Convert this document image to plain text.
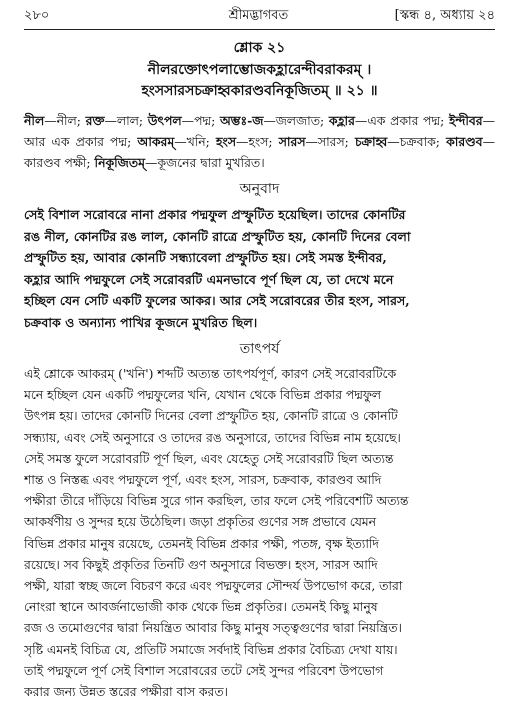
২৮০	শ্রীমদ্ভাগবত	[স্কন্ধ ৪, অধ্যায় ২৪
শ্লোক ২১
নীলরক্তোৎপলাম্ভোজকহ্লারেন্দীবরাকরম্ ।
হংসসারসচক্রাহ্বকারণ্ডবনিকূজিতম্ ॥ ২১ ॥
নীল—নীল; রক্ত—লাল; উৎপল—পদ্ম; অম্ভঃ-জ—জলজাত; কহ্লার—এক প্রকার পদ্ম; ইন্দীবর—আর এক প্রকার পদ্ম; আকরম্—খনি; হংস—হংস; সারস—সারস; চক্রাহ্ব—চক্রবাক; কারণ্ডব—কারণ্ডব পক্ষী; নিকূজিতম্—কূজনের দ্বারা মুখরিত।
অনুবাদ
সেই বিশাল সরোবরে নানা প্রকার পদ্মফুল প্রস্ফুটিত হয়েছিল। তাদের কোনটির
রঙ নীল, কোনটির রঙ লাল, কোনটি রাত্রে প্রস্ফুটিত হয়, কোনটি দিনের বেলা
প্রস্ফুটিত হয়, আবার কোনটি সন্ধ্যাবেলা প্রস্ফুটিত হয়। সেই সমস্ত ইন্দীবর,
কহ্লার আদি পদ্মফুলে সেই সরোবরটি এমনভাবে পূর্ণ ছিল যে, তা দেখে মনে
হচ্ছিল যেন সেটি একটি ফুলের আকর। আর সেই সরোবরের তীর হংস, সারস,
চক্রবাক ও অন্যান্য পাখির কূজনে মুখরিত ছিল।
তাৎপর্য
এই শ্লোকে আকরম্ ('খনি') শব্দটি অত্যন্ত তাৎপর্যপূর্ণ, কারণ সেই সরোবরটিকে
মনে হচ্ছিল যেন একটি পদ্মফুলের খনি, যেখান থেকে বিভিন্ন প্রকার পদ্মফুল
উৎপন্ন হয়। তাদের কোনটি দিনের বেলা প্রস্ফুটিত হয়, কোনটি রাত্রে ও কোনটি
সন্ধ্যায়, এবং সেই অনুসারে ও তাদের রঙ অনুসারে, তাদের বিভিন্ন নাম হয়েছে।
সেই সমস্ত ফুলে সরোবরটি পূর্ণ ছিল, এবং যেহেতু সেই সরোবরটি ছিল অত্যন্ত
শান্ত ও নিস্তব্ধ এবং পদ্মফুলে পূর্ণ, এবং হংস, সারস, চক্রবাক, কারণ্ডব আদি
পক্ষীরা তীরে দাঁড়িয়ে বিভিন্ন সুরে গান করছিল, তার ফলে সেই পরিবেশটি অত্যন্ত
আকর্ষণীয় ও সুন্দর হয়ে উঠেছিল। জড়া প্রকৃতির গুণের সঙ্গ প্রভাবে যেমন
বিভিন্ন প্রকার মানুষ রয়েছে, তেমনই বিভিন্ন প্রকার পক্ষী, পতঙ্গ, বৃক্ষ ইত্যাদি
রয়েছে। সব কিছুই প্রকৃতির তিনটি গুণ অনুসারে বিভক্ত। হংস, সারস আদি
পক্ষী, যারা স্বচ্ছ জলে বিচরণ করে এবং পদ্মফুলের সৌন্দর্য উপভোগ করে, তারা
নোংরা স্থানে আবর্জনাভোজী কাক থেকে ভিন্ন প্রকৃতির। তেমনই কিছু মানুষ
রজ ও তমোগুণের দ্বারা নিয়ন্ত্রিত আবার কিছু মানুষ সত্ত্বগুণের দ্বারা নিয়ন্ত্রিত।
সৃষ্টি এমনই বিচিত্র যে, প্রতিটি সমাজে সর্বদাই বিভিন্ন প্রকার বৈচিত্র্য দেখা যায়।
তাই পদ্মফুলে পূর্ণ সেই বিশাল সরোবরের তটে সেই সুন্দর পরিবেশ উপভোগ
করার জন্য উন্নত স্তরের পক্ষীরা বাস করত।
